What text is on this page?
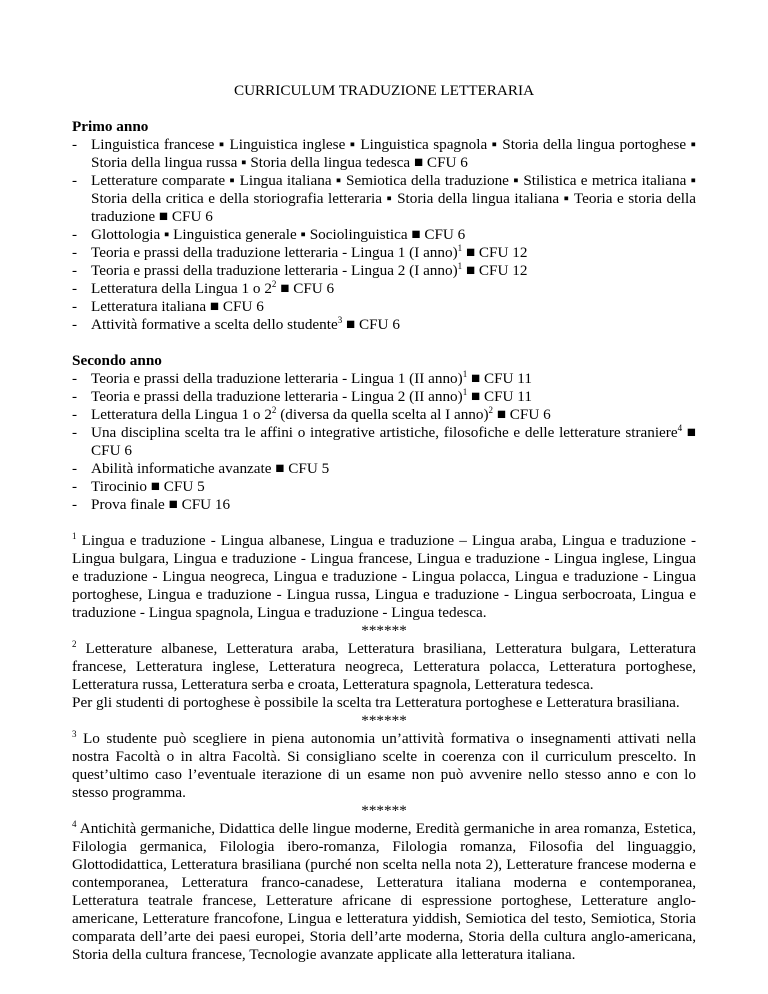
CURRICULUM TRADUZIONE LETTERARIA

Primo anno

- Linguistica francese ▪ Linguistica inglese ▪ Linguistica spagnola ▪ Storia della lingua portoghese ▪ Storia della lingua russa ▪ Storia della lingua tedesca ■ CFU 6
- Letterature comparate ▪ Lingua italiana ▪ Semiotica della traduzione ▪ Stilistica e metrica italiana ▪ Storia della critica e della storiografia letteraria ▪ Storia della lingua italiana ▪ Teoria e storia della traduzione ■ CFU 6
- Glottologia ▪ Linguistica generale ▪ Sociolinguistica ■ CFU 6
- Teoria e prassi della traduzione letteraria - Lingua 1 (I anno)$^1$ ■ CFU 12
- Teoria e prassi della traduzione letteraria - Lingua 2 (I anno)$^1$ ■ CFU 12
- Letteratura della Lingua 1 o $2^2$ ■ CFU 6
- Letteratura italiana ■ CFU 6
- Attività formative a scelta dello studente$^3$ ■ CFU 6

Secondo anno

- Teoria e prassi della traduzione letteraria - Lingua 1 (II anno)$^1$ ■ CFU 11
- Teoria e prassi della traduzione letteraria - Lingua 2 (II anno)$^1$ ■ CFU 11
- Letteratura della Lingua 1 o $2^2$ (diversa da quella scelta al I anno)$^2$ ■ CFU 6
- Una disciplina scelta tra le affini o integrative artistiche, filosofiche e delle letterature straniere$^4$ ■ CFU 6
- Abilità informatiche avanzate ■ CFU 5
- Tirocinio ■ CFU 5
- Prova finale ■ CFU 16

$^1$ Lingua e traduzione - Lingua albanese, Lingua e traduzione – Lingua araba, Lingua e traduzione - Lingua bulgara, Lingua e traduzione - Lingua francese, Lingua e traduzione - Lingua inglese, Lingua e traduzione - Lingua neogreca, Lingua e traduzione - Lingua polacca, Lingua e traduzione - Lingua portoghese, Lingua e traduzione - Lingua russa, Lingua e traduzione - Lingua serbocroata, Lingua e traduzione - Lingua spagnola, Lingua e traduzione - Lingua tedesca.

******

$^2$ Letterature albanese, Letteratura araba, Letteratura brasiliana, Letteratura bulgara, Letteratura francese, Letteratura inglese, Letteratura neogreca, Letteratura polacca, Letteratura portoghese, Letteratura russa, Letteratura serba e croata, Letteratura spagnola, Letteratura tedesca.

Per gli studenti di portoghese è possibile la scelta tra Letteratura portoghese e Letteratura brasiliana.

******

$^3$ Lo studente può scegliere in piena autonomia un’attività formativa o insegnamenti attivati nella nostra Facoltà o in altra Facoltà. Si consigliano scelte in coerenza con il curriculum prescelto. In quest’ultimo caso l’eventuale iterazione di un esame non può avvenire nello stesso anno e con lo stesso programma.

******

$^4$ Antichità germaniche, Didattica delle lingue moderne, Eredità germaniche in area romanza, Estetica, Filologia germanica, Filologia ibero-romanza, Filologia romanza, Filosofia del linguaggio, Glottodidattica, Letteratura brasiliana (purché non scelta nella nota 2), Letterature francese moderna e contemporanea, Letteratura franco-canadese, Letteratura italiana moderna e contemporanea, Letteratura teatrale francese, Letterature africane di espressione portoghese, Letterature anglo-americane, Letterature francofone, Lingua e letteratura yiddish, Semiotica del testo, Semiotica, Storia comparata dell’arte dei paesi europei, Storia dell’arte moderna, Storia della cultura anglo-americana, Storia della cultura francese, Tecnologie avanzate applicate alla letteratura italiana.
